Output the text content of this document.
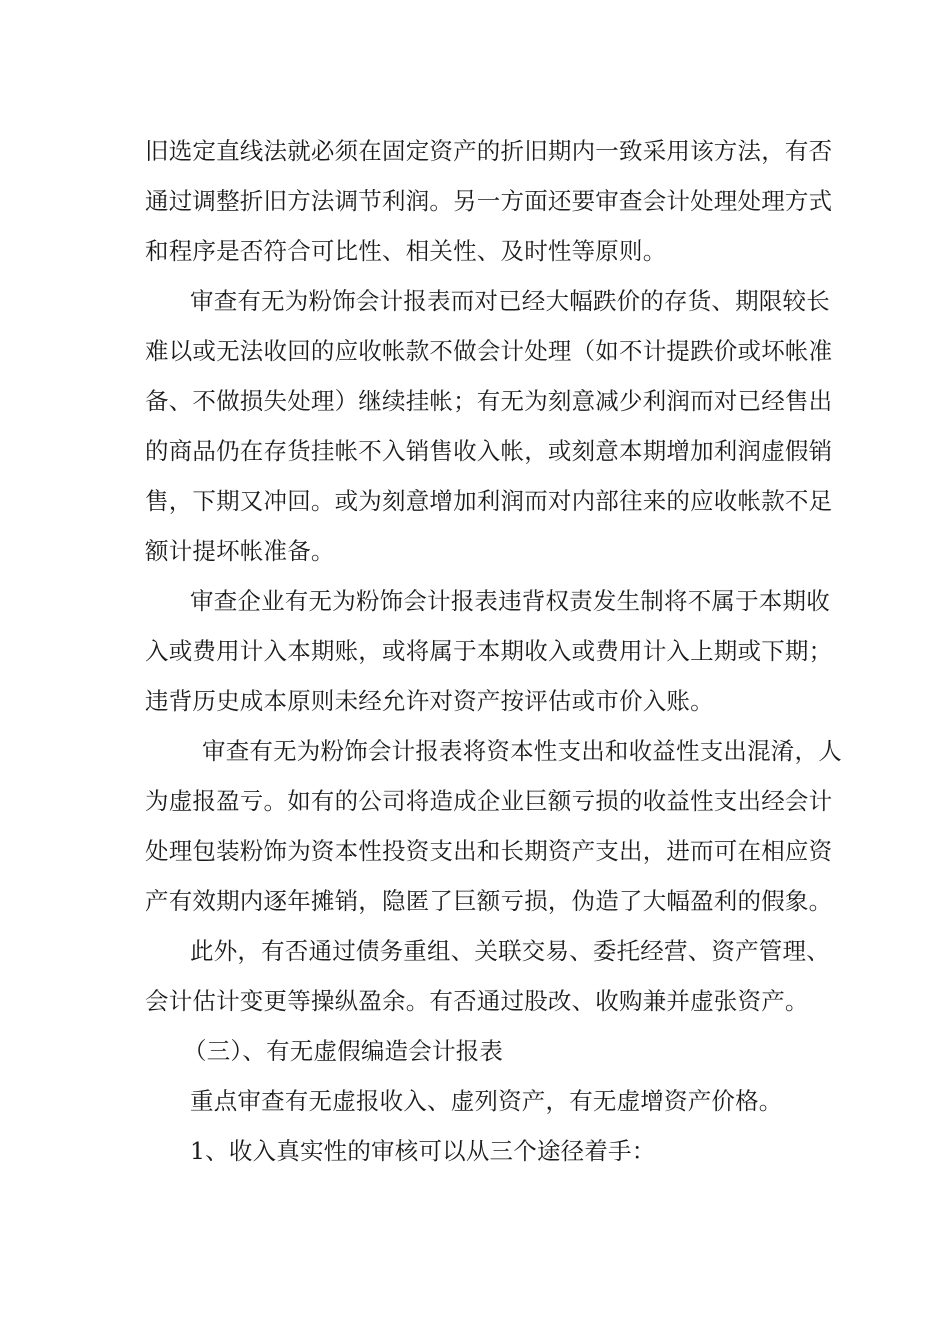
旧选定直线法就必须在固定资产的折旧期内一致采用该方法，有否
通过调整折旧方法调节利润。另一方面还要审查会计处理处理方式
和程序是否符合可比性、相关性、及时性等原则。
审查有无为粉饰会计报表而对已经大幅跌价的存货、期限较长
难以或无法收回的应收帐款不做会计处理（如不计提跌价或坏帐准
备、不做损失处理）继续挂帐；有无为刻意减少利润而对已经售出
的商品仍在存货挂帐不入销售收入帐，或刻意本期增加利润虚假销
售，下期又冲回。或为刻意增加利润而对内部往来的应收帐款不足
额计提坏帐准备。
审查企业有无为粉饰会计报表违背权责发生制将不属于本期收
入或费用计入本期账，或将属于本期收入或费用计入上期或下期；
违背历史成本原则未经允许对资产按评估或市价入账。
审查有无为粉饰会计报表将资本性支出和收益性支出混淆，人
为虚报盈亏。如有的公司将造成企业巨额亏损的收益性支出经会计
处理包装粉饰为资本性投资支出和长期资产支出，进而可在相应资
产有效期内逐年摊销，隐匿了巨额亏损，伪造了大幅盈利的假象。
此外，有否通过债务重组、关联交易、委托经营、资产管理、
会计估计变更等操纵盈余。有否通过股改、收购兼并虚张资产。
（三）、有无虚假编造会计报表
重点审查有无虚报收入、虚列资产，有无虚增资产价格。
1、收入真实性的审核可以从三个途径着手：
